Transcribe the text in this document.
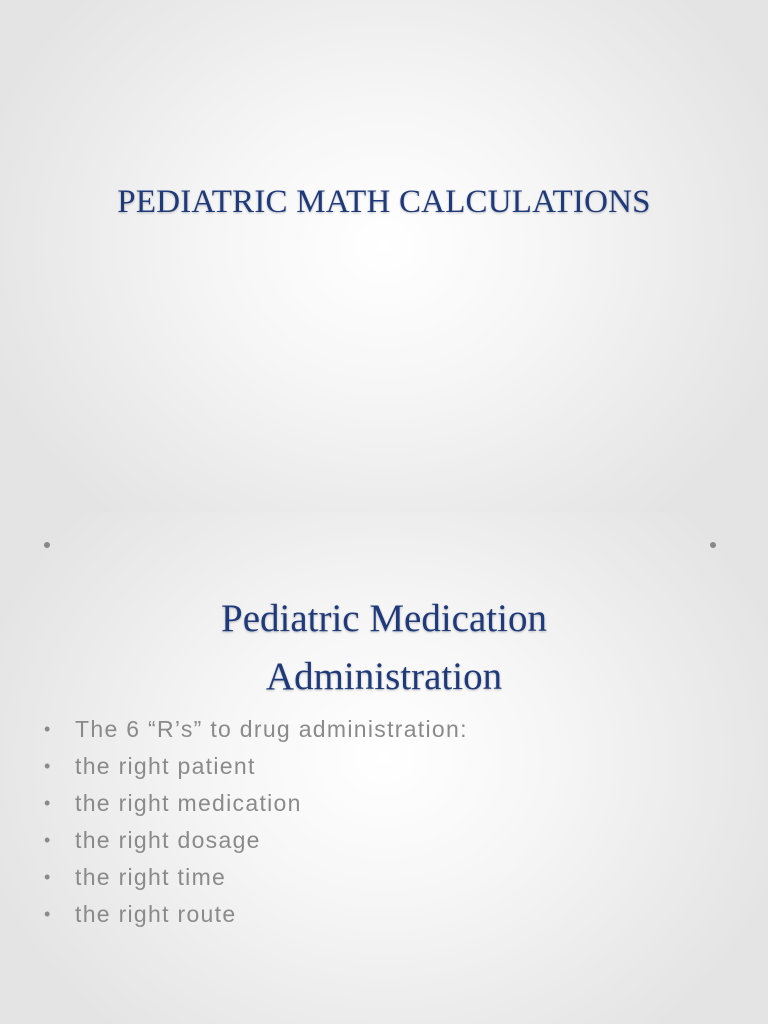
PEDIATRIC MATH CALCULATIONS
Pediatric Medication
Administration
•	The 6 “R’s” to drug administration:
•	the right patient
•	the right medication
•	the right dosage
•	the right time
•	the right route
